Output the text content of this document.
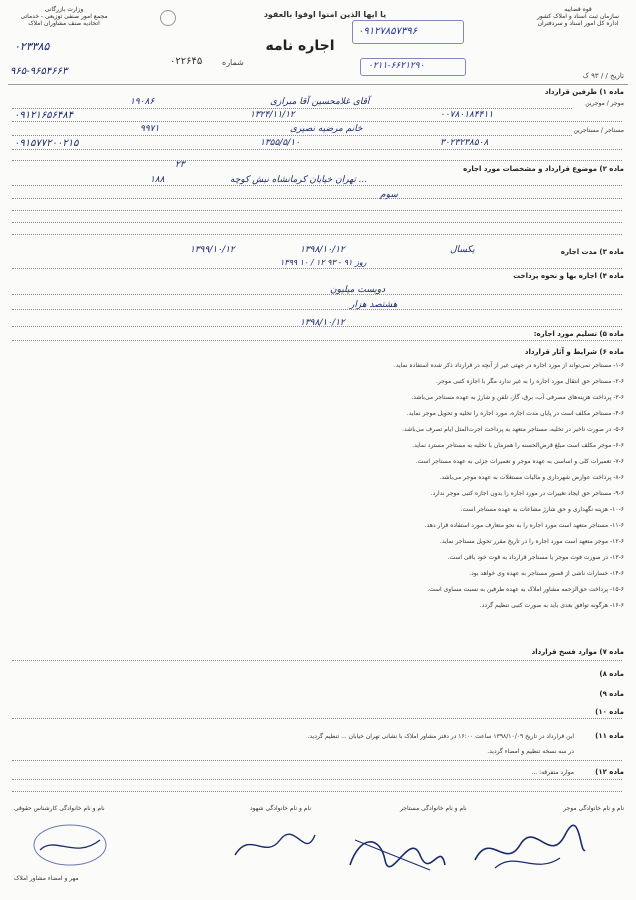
قوه قضاییه
سازمان ثبت اسناد و املاک کشور
اداره کل امور اسناد و سردفتران
وزارت بازرگانی
مجمع امور صنفی توزیعی - خدماتی
اتحادیه صنف مشاوران املاک
یا ایها الذین امنوا اوفوا بالعقود
اجاره نامه
۰۹۱۲۷۸۵۷۳۹۶
۰۲۱۱-۶۶۲۱۲۹۰
شماره
۰۲۲۶۴۵
۰۲۳۳۸۵
۹۶۵-۹۶۵۴۶۶۳	تاریخ / / ۹۳ ک
ماده ۱) طرفین قرارداد
موجر / موجرین
آقای غلامحسین آقا مبرازی
۱۹۰۸۶
۰۰۷۸۰۱۸۴۴۱۱
۱۳۲۴/۱۱/۱۲
۰۹۱۲۱۶۵۶۴۸۴
مستاجر / مستاجرین
خانم مرضیه نصیری
۹۹۷۱
۳۰۲۳۲۳۸۵۰۸
۱۳۵۵/۵/۱۰
۰۹۱۵۷۷۲۰۰۲۱۵
ماده ۲) موضوع قرارداد و مشخصات مورد اجاره
۲۳
تهران خیابان کرمانشاه نبش کوچه ...
۱۸۸
سوم
ماده ۳) مدت اجاره
یکسال
۱۳۹۸/۱۰/۱۲
۱۳۹۹/۱۰/۱۲
۱۳۹۹ ۱۰ / ۱۲ ۹۳ - ۹۱ روز
ماده ۴) اجاره بها و نحوه پرداخت
دویست میلیون
هشتصد هزار
۱۳۹۸/۱۰/۱۲
ماده ۵) تسلیم مورد اجاره:
ماده ۶) شرایط و آثار قرارداد
۱-۶- مستاجر نمی‌تواند از مورد اجاره در جهتی غیر از آنچه در قرارداد ذکر شده استفاده نماید.
۲-۶- مستاجر حق انتقال مورد اجاره را به غیر ندارد مگر با اجازه کتبی موجر.
۳-۶- پرداخت هزینه‌های مصرفی آب، برق، گاز، تلفن و شارژ به عهده مستاجر می‌باشد.
۴-۶- مستاجر مکلف است در پایان مدت اجاره، مورد اجاره را تخلیه و تحویل موجر نماید.
۵-۶- در صورت تاخیر در تخلیه، مستاجر متعهد به پرداخت اجرت‌المثل ایام تصرف می‌باشد.
۶-۶- موجر مکلف است مبلغ قرض‌الحسنه را همزمان با تخلیه به مستاجر مسترد نماید.
۷-۶- تعمیرات کلی و اساسی به عهده موجر و تعمیرات جزئی به عهده مستاجر است.
۸-۶- پرداخت عوارض شهرداری و مالیات مستغلات به عهده موجر می‌باشد.
۹-۶- مستاجر حق ایجاد تغییرات در مورد اجاره را بدون اجازه کتبی موجر ندارد.
۱۰-۶- هزینه نگهداری و حق شارژ مشاعات به عهده مستاجر است.
۱۱-۶- مستاجر متعهد است مورد اجاره را به نحو متعارف مورد استفاده قرار دهد.
۱۲-۶- موجر متعهد است مورد اجاره را در تاریخ مقرر تحویل مستاجر نماید.
۱۳-۶- در صورت فوت موجر یا مستاجر قرارداد به قوت خود باقی است.
۱۴-۶- خسارات ناشی از قصور مستاجر به عهده وی خواهد بود.
۱۵-۶- پرداخت حق‌الزحمه مشاور املاک به عهده طرفین به نسبت مساوی است.
۱۶-۶- هرگونه توافق بعدی باید به صورت کتبی تنظیم گردد.
ماده ۷) موارد فسخ قرارداد
ماده ۸)
ماده ۹)
ماده ۱۰)
ماده ۱۱)
این قرارداد در تاریخ ۱۳۹۸/۱۰/۰۹ ساعت ۱۶:۰۰ در دفتر مشاور املاک با نشانی تهران خیابان ... تنظیم گردید.
در سه نسخه تنظیم و امضاء گردید.
ماده ۱۲)
موارد متفرقه: ...
نام و نام خانوادگی موجر
نام و نام خانوادگی مستاجر
نام و نام خانوادگی شهود
نام و نام خانوادگی کارشناس حقوقی
مهر و امضاء مشاور املاک
